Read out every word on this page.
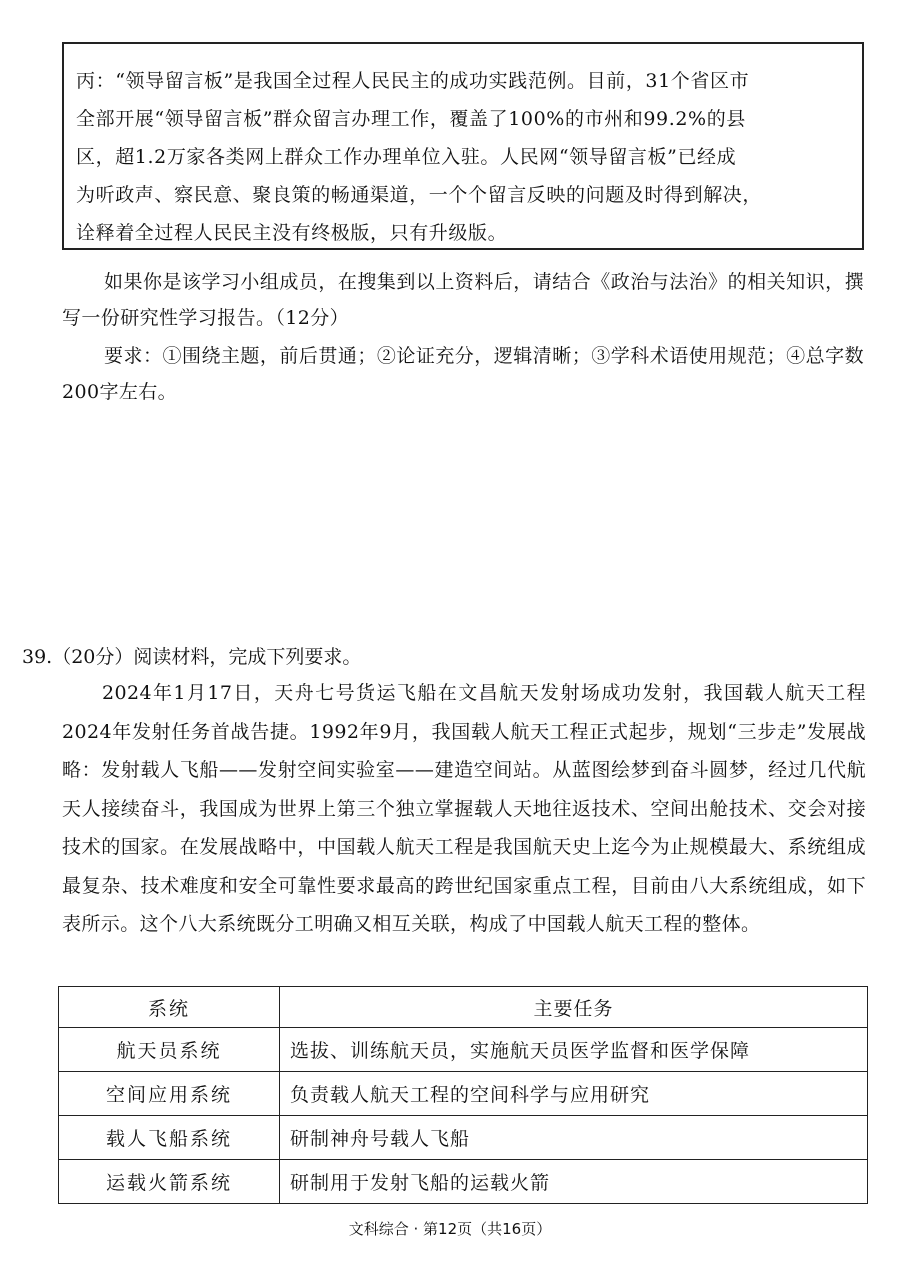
丙：“领导留言板”是我国全过程人民民主的成功实践范例。目前，31个省区市

全部开展“领导留言板”群众留言办理工作，覆盖了100%的市州和99.2%的县

区，超1.2万家各类网上群众工作办理单位入驻。人民网“领导留言板”已经成

为听政声、察民意、聚良策的畅通渠道，一个个留言反映的问题及时得到解决，

诠释着全过程人民民主没有终极版，只有升级版。

如果你是该学习小组成员，在搜集到以上资料后，请结合《政治与法治》的相关知识，撰写一份研究性学习报告。（12分）

要求：①围绕主题，前后贯通；②论证充分，逻辑清晰；③学科术语使用规范；④总字数200字左右。

39.（20分）阅读材料，完成下列要求。

2024年1月17日，天舟七号货运飞船在文昌航天发射场成功发射，我国载人航天工程2024年发射任务首战告捷。1992年9月，我国载人航天工程正式起步，规划“三步走”发展战略：发射载人飞船——发射空间实验室——建造空间站。从蓝图绘梦到奋斗圆梦，经过几代航天人接续奋斗，我国成为世界上第三个独立掌握载人天地往返技术、空间出舱技术、交会对接技术的国家。在发展战略中，中国载人航天工程是我国航天史上迄今为止规模最大、系统组成最复杂、技术难度和安全可靠性要求最高的跨世纪国家重点工程，目前由八大系统组成，如下表所示。这个八大系统既分工明确又相互关联，构成了中国载人航天工程的整体。

系统	主要任务
航天员系统	选拔、训练航天员，实施航天员医学监督和医学保障
空间应用系统	负责载人航天工程的空间科学与应用研究
载人飞船系统	研制神舟号载人飞船
运载火箭系统	研制用于发射飞船的运载火箭

文科综合 · 第12页（共16页）
